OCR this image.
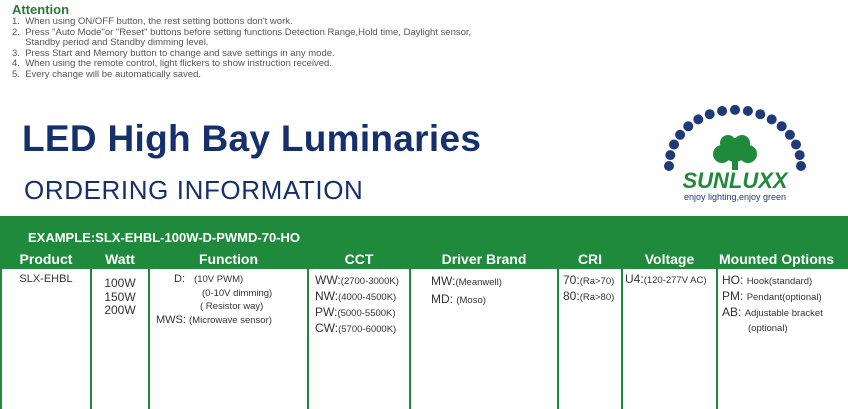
Attention
1.  When using ON/OFF button, the rest setting bottons don't work.
2.  Press "Auto Mode"or "Reset" buttons before setting functions Detection Range,Hold time, Daylight sensor,
Standby period and Standby dimming level.
3.  Press Start and Memory button to change and save settings in any mode.
4.  When using the remote control, light flickers to show instruction received.
5.  Every change will be automatically saved.
LED High Bay Luminaries
ORDERING INFORMATION	SUNLUXX
enjoy lighting,enjoy green
EXAMPLE:SLX-EHBL-100W-D-PWMD-70-HO
Product
SLX-EHBL
Watt
100W
150W
200W
Function
D: (10V PWM)
(0-10V dimming)
( Resistor way)
MWS: (Microwave sensor)
CCT
WW:(2700-3000K)
NW:(4000-4500K)
PW:(5000-5500K)
CW:(5700-6000K)
Driver Brand
MW:(Meanwell)
MD: (Moso)
CRI
70:(Ra>70)
80:(Ra>80)
Voltage
U4:(120-277V AC)
Mounted Options
HO: Hook(standard)
PM: Pendant(optional)
AB: Adjustable bracket
(optional)
